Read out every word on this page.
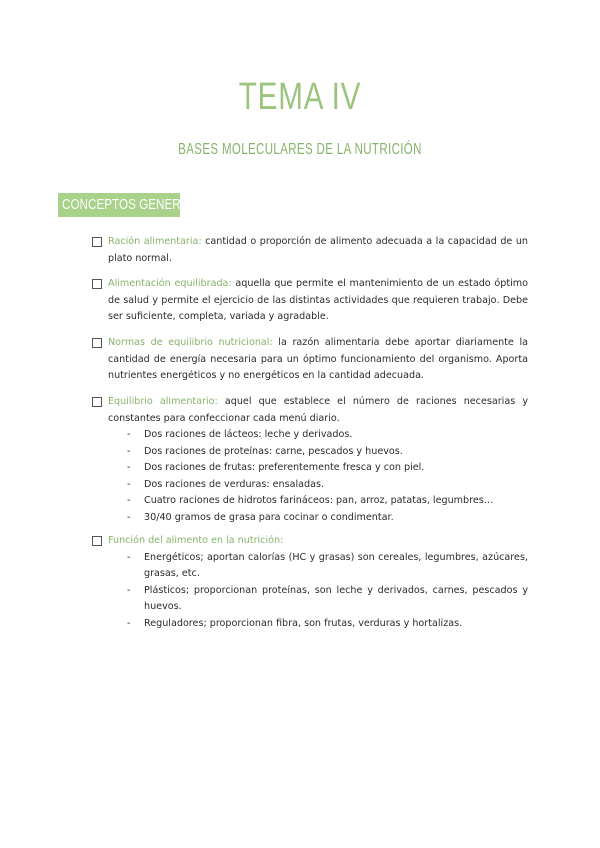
TEMA IV
BASES MOLECULARES DE LA NUTRICIÓN
CONCEPTOS GENERALES
Ración alimentaria: cantidad o proporción de alimento adecuada a la capacidad de un plato normal.
Alimentación equilibrada: aquella que permite el mantenimiento de un estado óptimo de salud y permite el ejercicio de las distintas actividades que requieren trabajo. Debe ser suficiente, completa, variada y agradable.
Normas de equilibrio nutricional: la razón alimentaria debe aportar diariamente la cantidad de energía necesaria para un óptimo funcionamiento del organismo. Aporta nutrientes energéticos y no energéticos en la cantidad adecuada.
Equilibrio alimentario: aquel que establece el número de raciones necesarias y constantes para confeccionar cada menú diario.
- Dos raciones de lácteos: leche y derivados.
- Dos raciones de proteínas: carne, pescados y huevos.
- Dos raciones de frutas: preferentemente fresca y con piel.
- Dos raciones de verduras: ensaladas.
- Cuatro raciones de hidrotos farináceos: pan, arroz, patatas, legumbres…
- 30/40 gramos de grasa para cocinar o condimentar.
Función del alimento en la nutrición:
- Energéticos; aportan calorías (HC y grasas) son cereales, legumbres, azúcares, grasas, etc.
- Plásticos; proporcionan proteínas, son leche y derivados, carnes, pescados y huevos.
- Reguladores; proporcionan fibra, son frutas, verduras y hortalizas.
